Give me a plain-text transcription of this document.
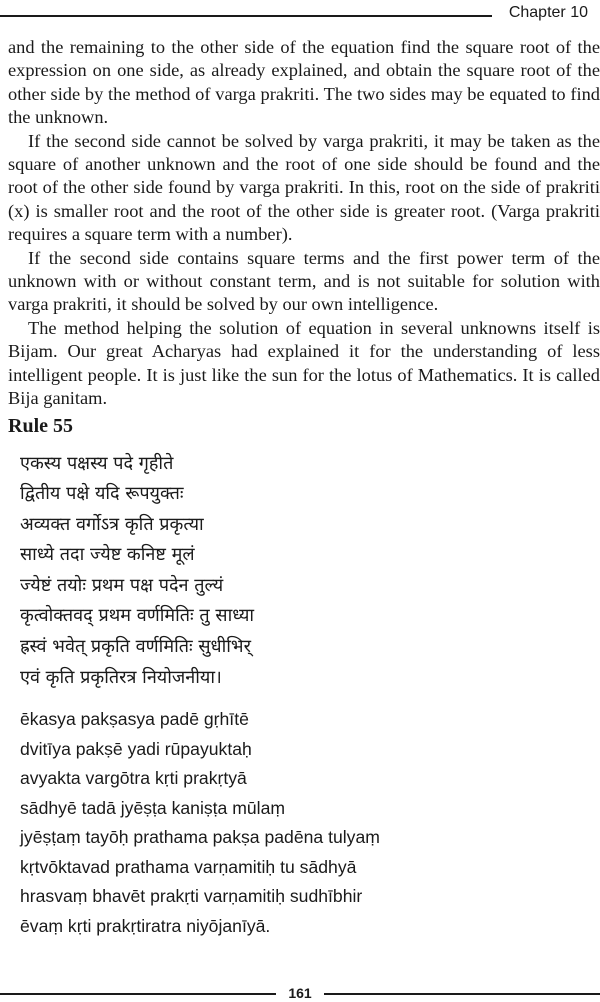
Chapter 10

and the remaining to the other side of the equation find the square root of the expression on one side, as already explained, and obtain the square root of the other side by the method of varga prakriti. The two sides may be equated to find the unknown.

If the second side cannot be solved by varga prakriti, it may be taken as the square of another unknown and the root of one side should be found and the root of the other side found by varga prakriti. In this, root on the side of prakriti (x) is smaller root and the root of the other side is greater root. (Varga prakriti requires a square term with a number).

If the second side contains square terms and the first power term of the unknown with or without constant term, and is not suitable for solution with varga prakriti, it should be solved by our own intelligence.

The method helping the solution of equation in several unknowns itself is Bijam. Our great Acharyas had explained it for the understanding of less intelligent people. It is just like the sun for the lotus of Mathematics. It is called Bija ganitam.

Rule 55
एकस्य पक्षस्य पदे गृहीते
द्वितीय पक्षे यदि रूपयुक्तः
अव्यक्त वर्गोऽत्र कृति प्रकृत्या
साध्ये तदा ज्येष्ट कनिष्ट मूलं
ज्येष्टं तयोः प्रथम पक्ष पदेन तुल्यं
कृत्वोक्तवद् प्रथम वर्णमितिः तु साध्या
ह्रस्वं भवेत् प्रकृति वर्णमितिः सुधीभिर्
एवं कृति प्रकृतिरत्र नियोजनीया।
ēkasya pakṣasya padē gṛhītē
dvitīya pakṣē yadi rūpayuktaḥ
avyakta vargōtra kṛti prakṛtyā
sādhyē tadā jyēṣṭa kaniṣṭa mūlaṃ
jyēṣṭaṃ tayōḥ prathama pakṣa padēna tulyaṃ
kṛtvōktavad prathama varṇamitiḥ tu sādhyā
hrasvaṃ bhavēt prakṛti varṇamitiḥ sudhībhir
ēvaṃ kṛti prakṛtiratra niyōjanīyā.
161
